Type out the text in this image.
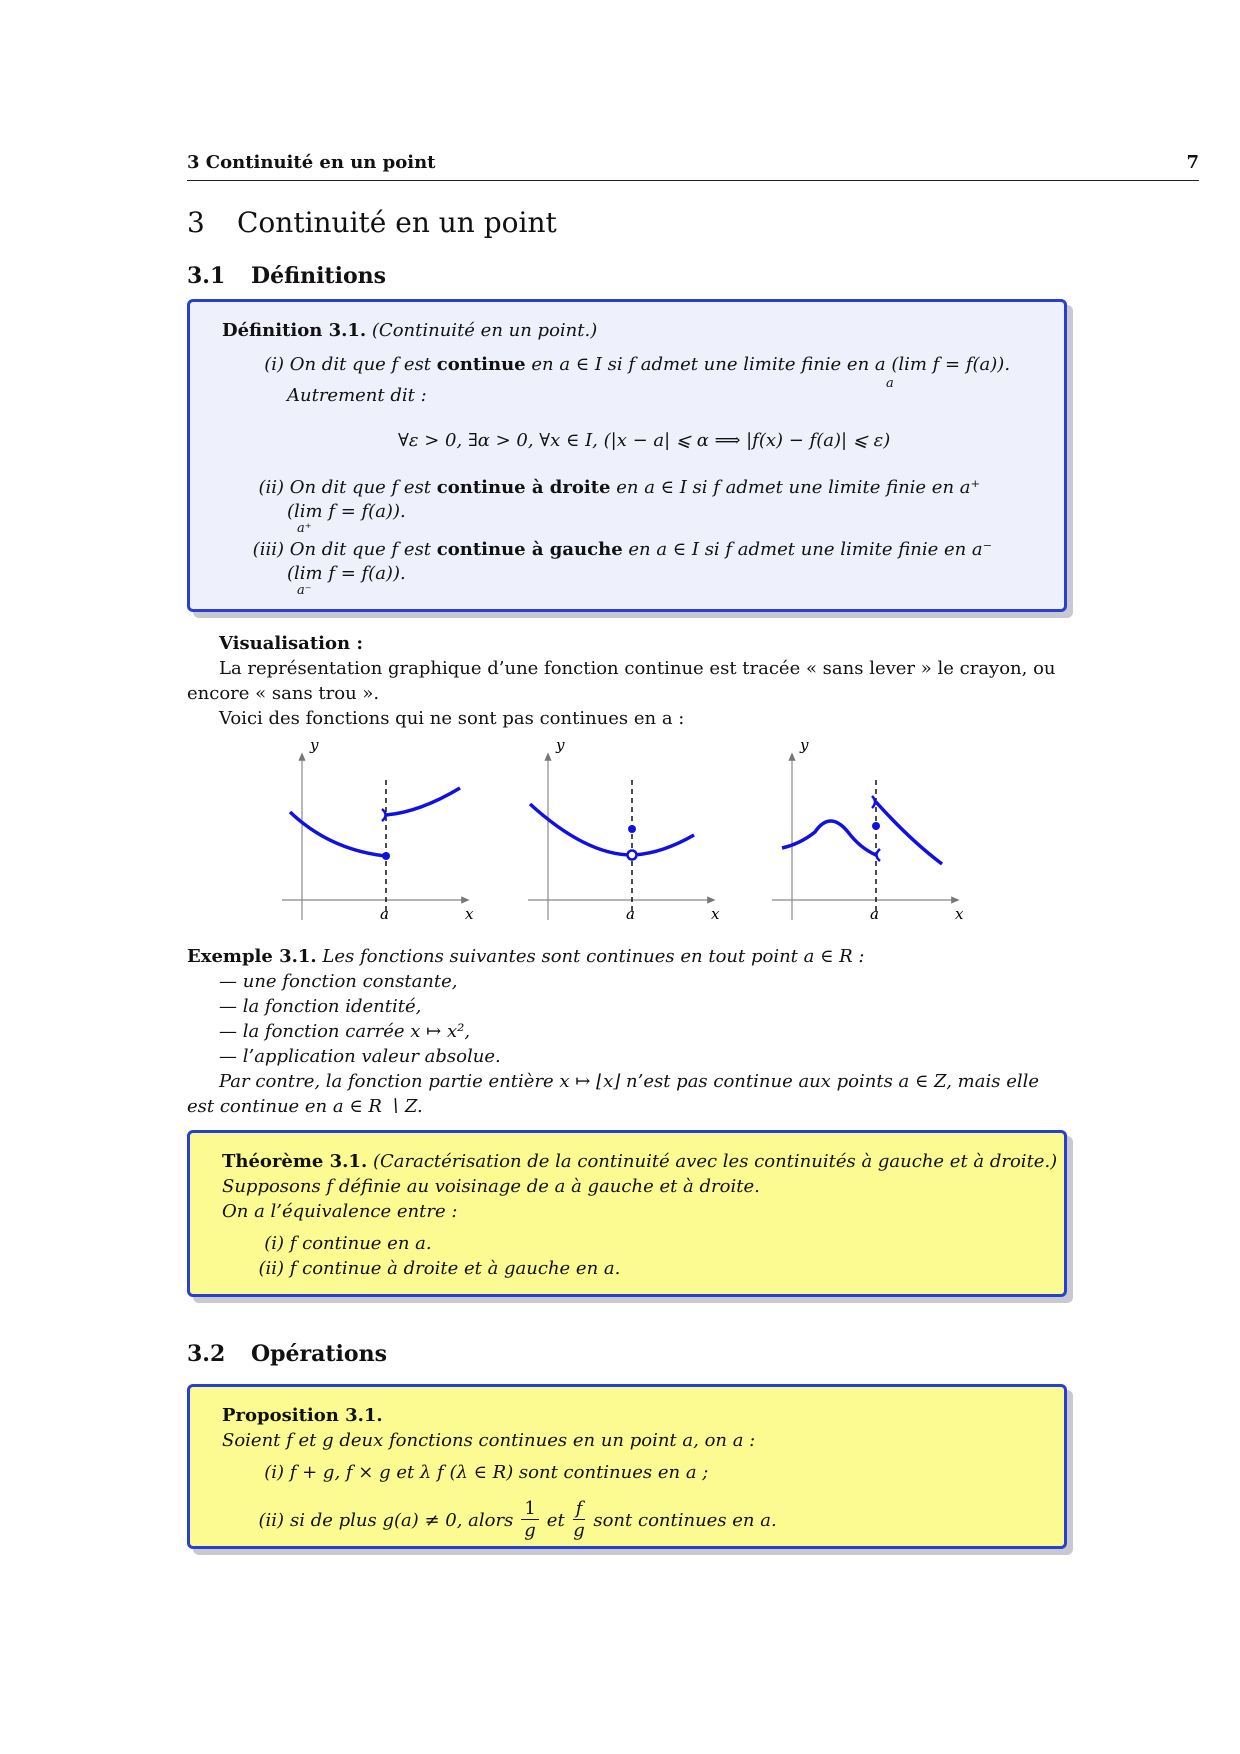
3 Continuité en un point	7
3 Continuité en un point
3.1 Définitions
Définition 3.1. (Continuité en un point.)
(i) On dit que f est continue en a ∈ I si f admet une limite finie en a (lim f = f(a)).
a
Autrement dit :
∀ε > 0, ∃α > 0, ∀x ∈ I, (|x − a| ⩽ α ⟹ |f(x) − f(a)| ⩽ ε)
(ii) On dit que f est continue à droite en a ∈ I si f admet une limite finie en a⁺
(lim f = f(a)).
a⁺
(iii) On dit que f est continue à gauche en a ∈ I si f admet une limite finie en a⁻
(lim f = f(a)).
a⁻
Visualisation :
La représentation graphique d’une fonction continue est tracée « sans lever » le crayon, ou
encore « sans trou ».
Voici des fonctions qui ne sont pas continues en a :
y
a	x
y
a	x
y
a	x
Exemple 3.1. Les fonctions suivantes sont continues en tout point a ∈ R :
— une fonction constante,
— la fonction identité,
— la fonction carrée x ↦ x²,
— l’application valeur absolue.
Par contre, la fonction partie entière x ↦ ⌊x⌋ n’est pas continue aux points a ∈ Z, mais elle
est continue en a ∈ R ∖ Z.
Théorème 3.1. (Caractérisation de la continuité avec les continuités à gauche et à droite.)
Supposons f définie au voisinage de a à gauche et à droite.
On a l’équivalence entre :
(i) f continue en a.
(ii) f continue à droite et à gauche en a.
3.2 Opérations
Proposition 3.1.
Soient f et g deux fonctions continues en un point a, on a :
(i) f + g, f × g et λ f (λ ∈ R) sont continues en a ;
(ii) si de plus g(a) ≠ 0, alors $\frac{1}{g}$ et $\frac{f}{g}$ sont continues en a.
